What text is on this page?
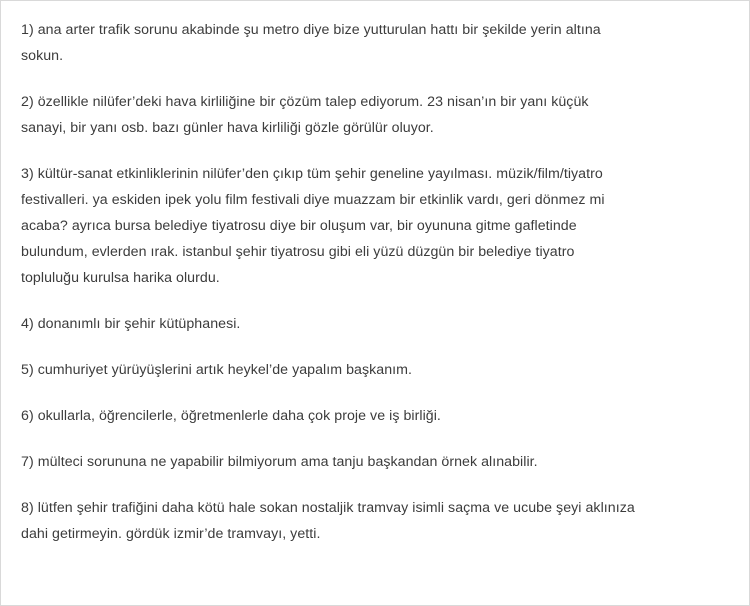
1) ana arter trafik sorunu akabinde şu metro diye bize yutturulan hattı bir şekilde yerin altına
sokun.

2) özellikle nilüfer’deki hava kirliliğine bir çözüm talep ediyorum. 23 nisan’ın bir yanı küçük
sanayi, bir yanı osb. bazı günler hava kirliliği gözle görülür oluyor.

3) kültür-sanat etkinliklerinin nilüfer’den çıkıp tüm şehir geneline yayılması. müzik/film/tiyatro
festivalleri. ya eskiden ipek yolu film festivali diye muazzam bir etkinlik vardı, geri dönmez mi
acaba? ayrıca bursa belediye tiyatrosu diye bir oluşum var, bir oyununa gitme gafletinde
bulundum, evlerden ırak. istanbul şehir tiyatrosu gibi eli yüzü düzgün bir belediye tiyatro
topluluğu kurulsa harika olurdu.

4) donanımlı bir şehir kütüphanesi.

5) cumhuriyet yürüyüşlerini artık heykel’de yapalım başkanım.

6) okullarla, öğrencilerle, öğretmenlerle daha çok proje ve iş birliği.

7) mülteci sorununa ne yapabilir bilmiyorum ama tanju başkandan örnek alınabilir.

8) lütfen şehir trafiğini daha kötü hale sokan nostaljik tramvay isimli saçma ve ucube şeyi aklınıza
dahi getirmeyin. gördük izmir’de tramvayı, yetti.
